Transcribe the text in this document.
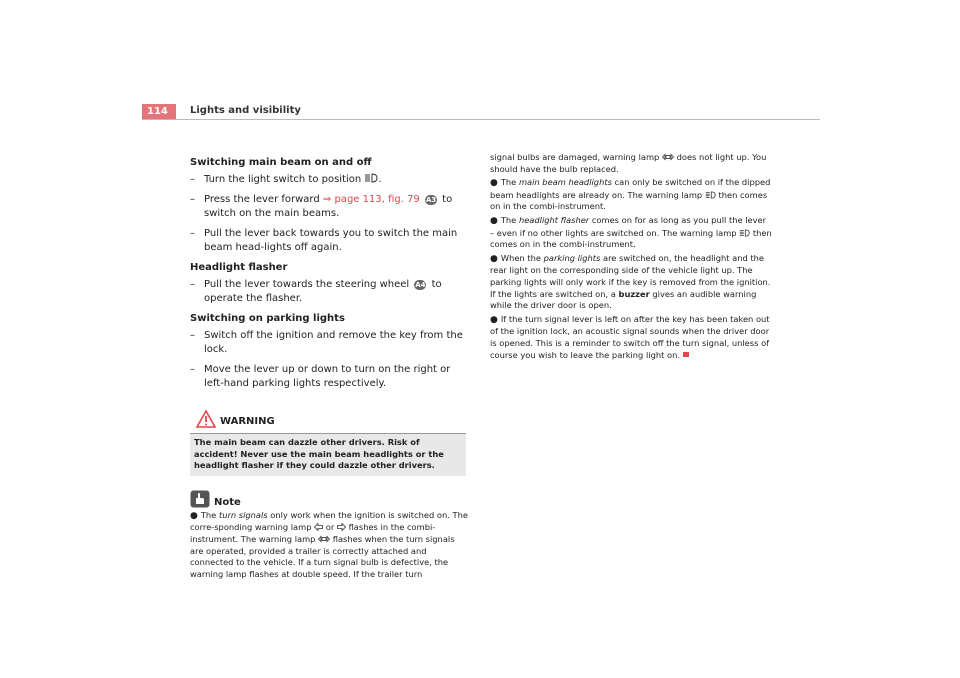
114	Lights and visibility
Switching main beam on and off
– Turn the light switch to position .
– Press the lever forward ⇒ page 113, fig. 79 A3 to switch on the main beams.
– Pull the lever back towards you to switch the main beam head-lights off again.
Headlight flasher
– Pull the lever towards the steering wheel A4 to operate the flasher.
Switching on parking lights
– Switch off the ignition and remove the key from the lock.
– Move the lever up or down to turn on the right or left-hand parking lights respectively.
WARNING
The main beam can dazzle other drivers. Risk of accident! Never use the main beam headlights or the headlight flasher if they could dazzle other drivers.
Note
● The turn signals only work when the ignition is switched on. The corre-sponding warning lamp or flashes in the combi-instrument. The warning lamp flashes when the turn signals are operated, provided a trailer is correctly attached and connected to the vehicle. If a turn signal bulb is defective, the warning lamp flashes at double speed. If the trailer turn
signal bulbs are damaged, warning lamp does not light up. You should have the bulb replaced.
● The main beam headlights can only be switched on if the dipped beam headlights are already on. The warning lamp then comes on in the combi-instrument.
● The headlight flasher comes on for as long as you pull the lever – even if no other lights are switched on. The warning lamp then comes on in the combi-instrument.
● When the parking lights are switched on, the headlight and the rear light on the corresponding side of the vehicle light up. The parking lights will only work if the key is removed from the ignition. If the lights are switched on, a buzzer gives an audible warning while the driver door is open.
● If the turn signal lever is left on after the key has been taken out of the ignition lock, an acoustic signal sounds when the driver door is opened. This is a reminder to switch off the turn signal, unless of course you wish to leave the parking light on.
